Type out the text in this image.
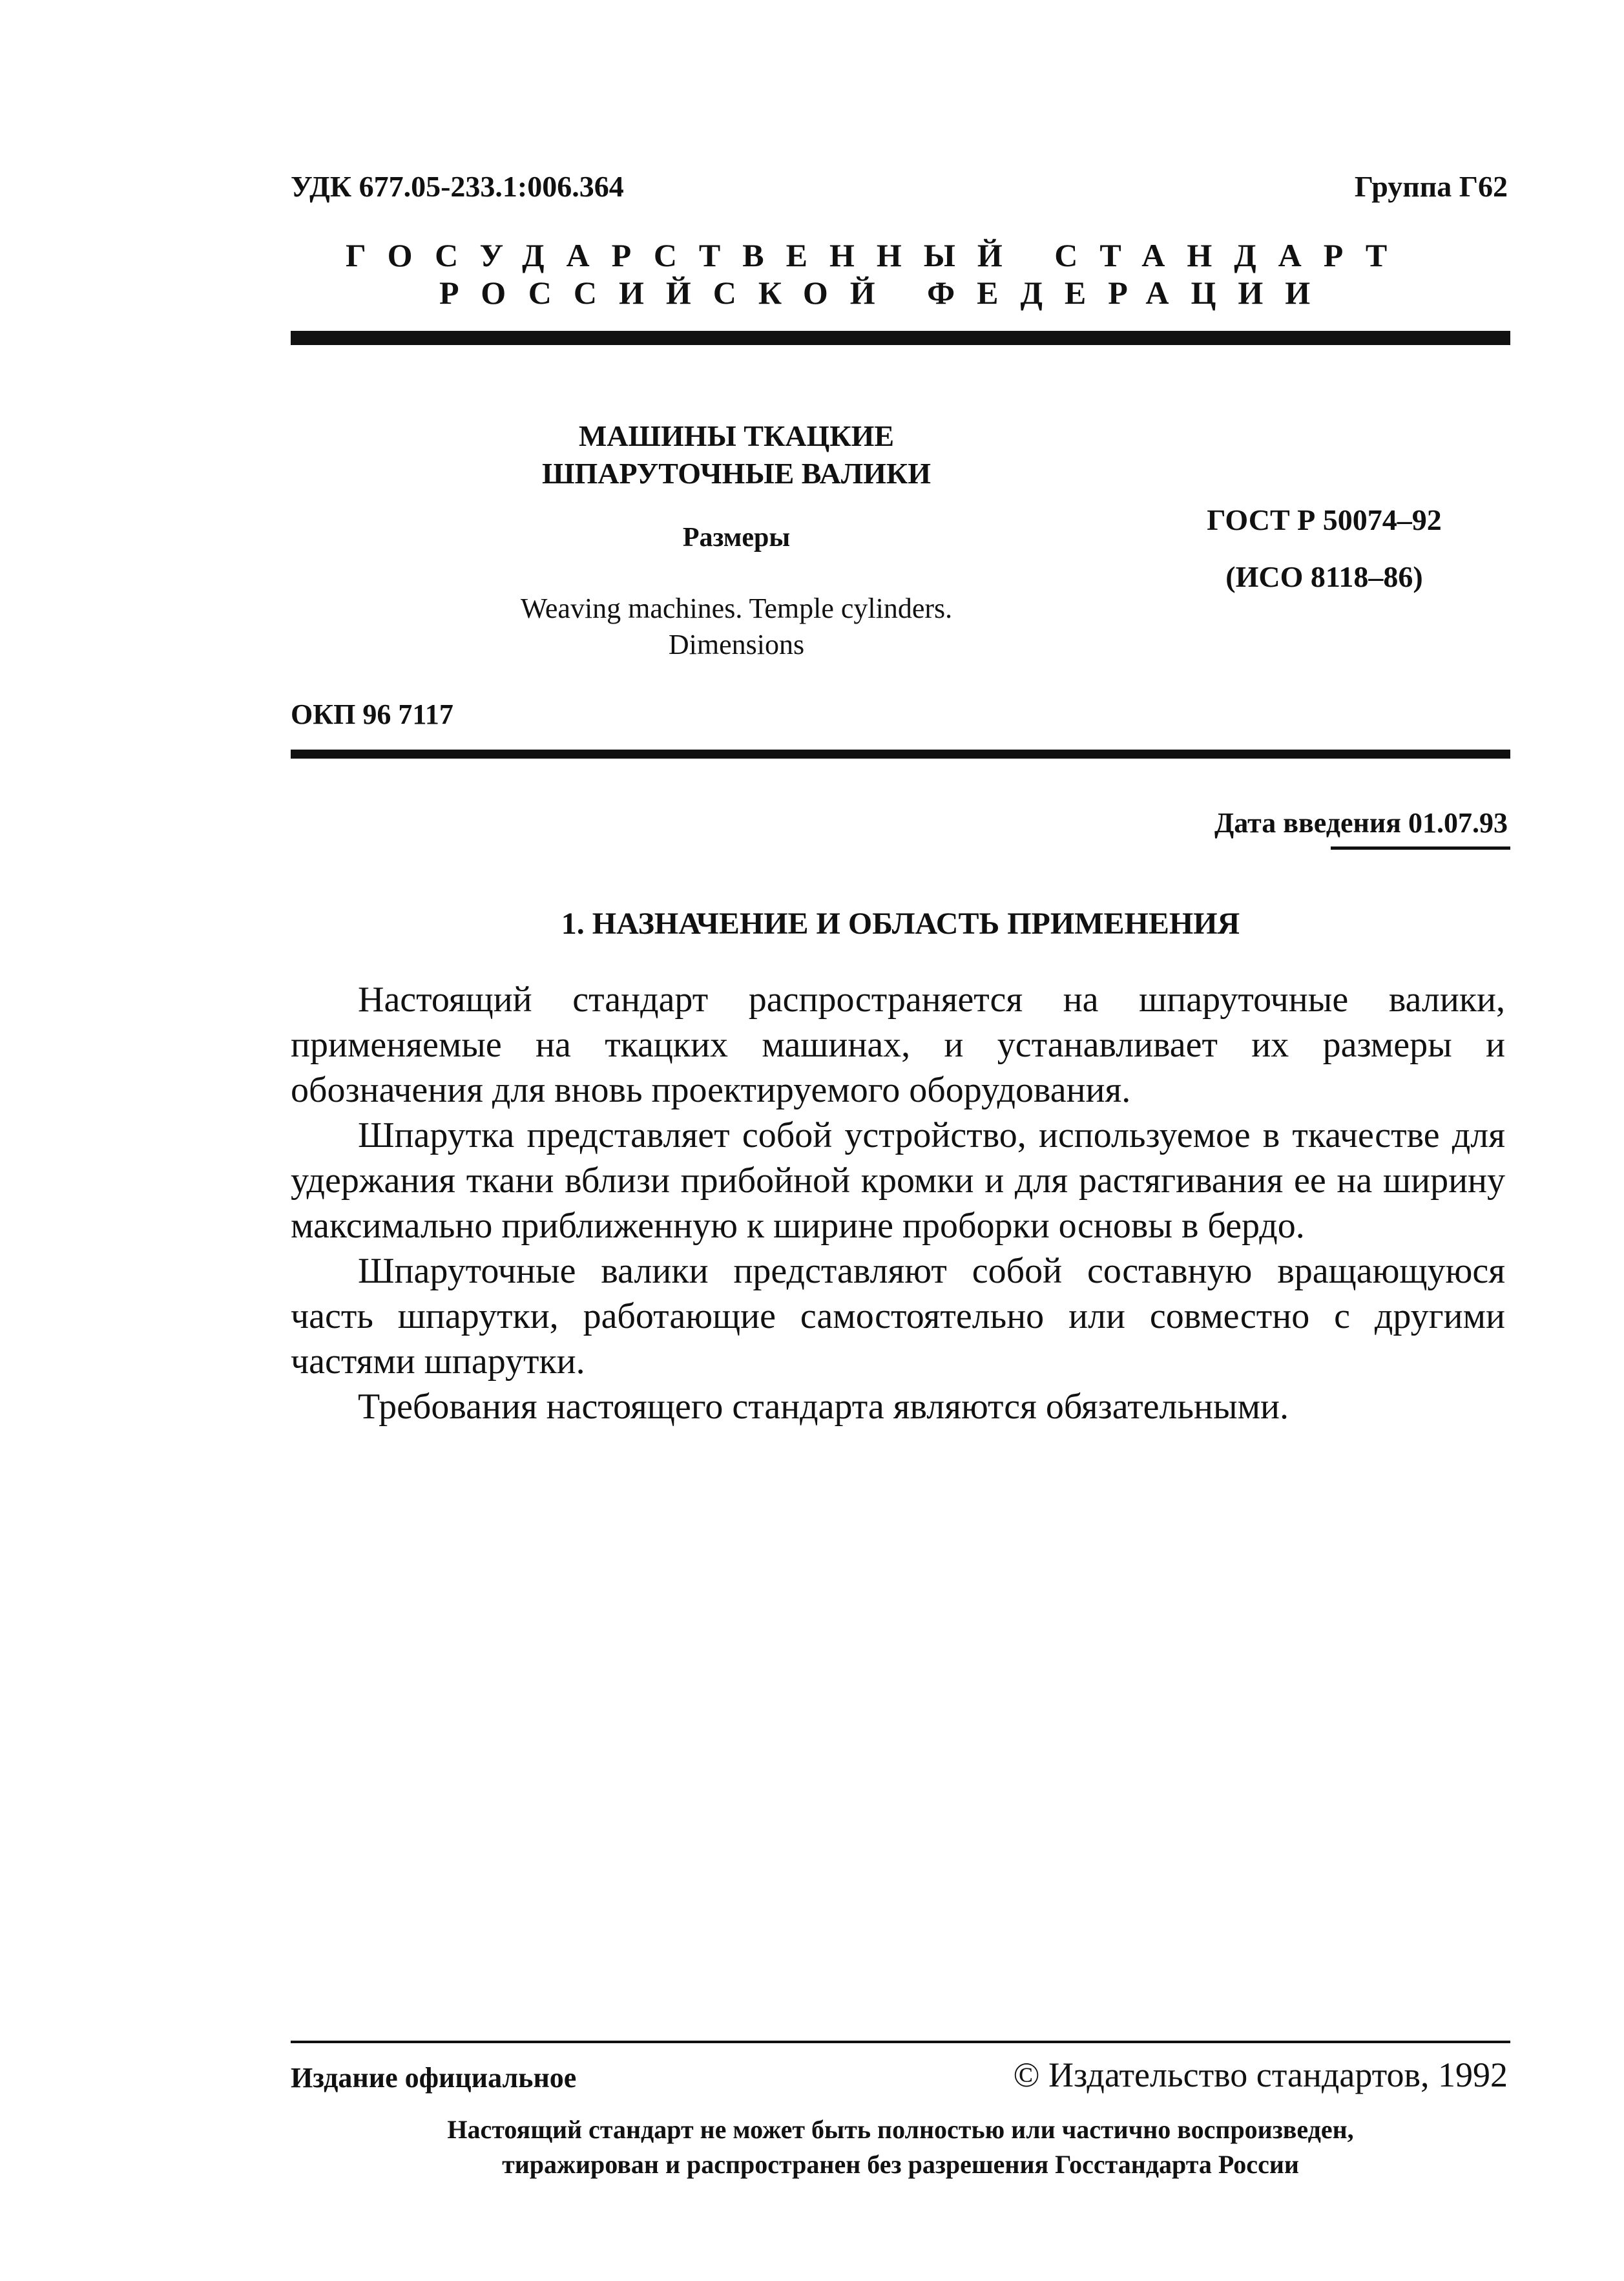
УДК 677.05-233.1:006.364	Группа Г62
ГОСУДАРСТВЕННЫЙ СТАНДАРТ
РОССИЙСКОЙ ФЕДЕРАЦИИ
МАШИНЫ ТКАЦКИЕ
ШПАРУТОЧНЫЕ ВАЛИКИ
Размеры
Weaving machines. Temple cylinders.
Dimensions
ГОСТ Р 50074–92
(ИСО 8118–86)
ОКП 96 7117
Дата введения 01.07.93
1. НАЗНАЧЕНИЕ И ОБЛАСТЬ ПРИМЕНЕНИЯ
Настоящий стандарт распространяется на шпаруточные валики, применяемые на ткацких машинах, и устанавливает их размеры и обозначения для вновь проектируемого оборудования.
Шпарутка представляет собой устройство, используемое в ткачестве для удержания ткани вблизи прибойной кромки и для растягивания ее на ширину максимально приближенную к ширине проборки основы в бердо.
Шпаруточные валики представляют собой составную вращающуюся часть шпарутки, работающие самостоятельно или совместно с другими частями шпарутки.
Требования настоящего стандарта являются обязательными.
Издание официальное	© Издательство стандартов, 1992
Настоящий стандарт не может быть полностью или частично воспроизведен,
тиражирован и распространен без разрешения Госстандарта России
